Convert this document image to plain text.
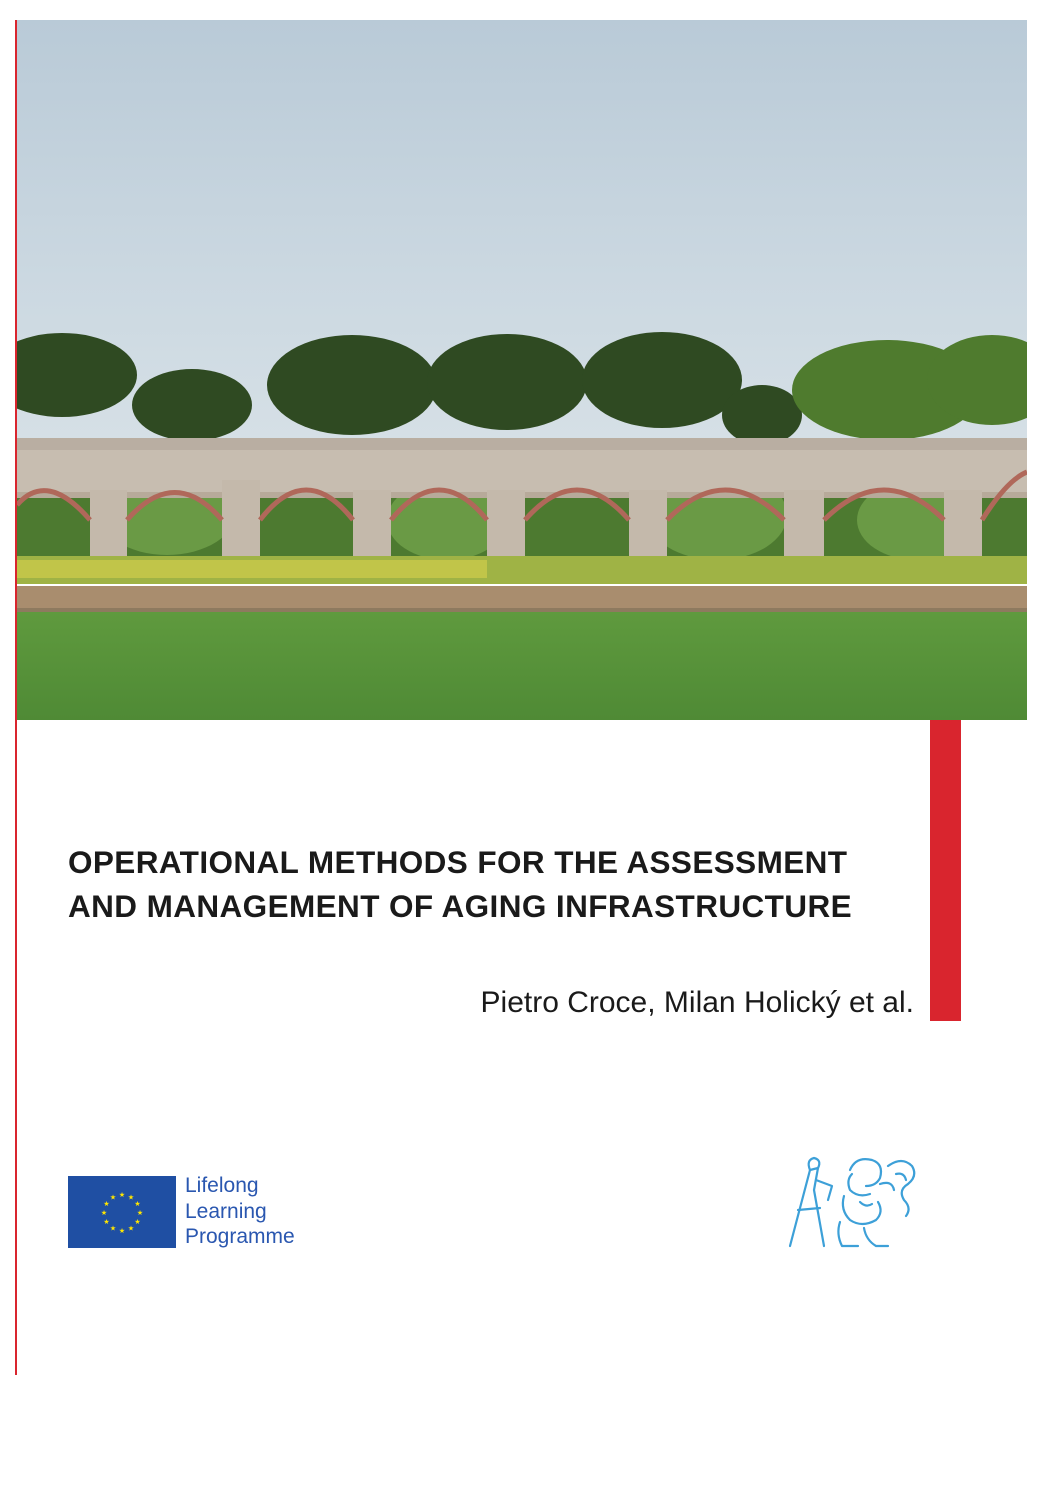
OPERATIONAL METHODS FOR THE ASSESSMENT
AND MANAGEMENT OF AGING INFRASTRUCTURE
Pietro Croce, Milan Holický et al.
★ ★
★
★
★
★
★
★
★
★
★
★
Lifelong
Learning
Programme
